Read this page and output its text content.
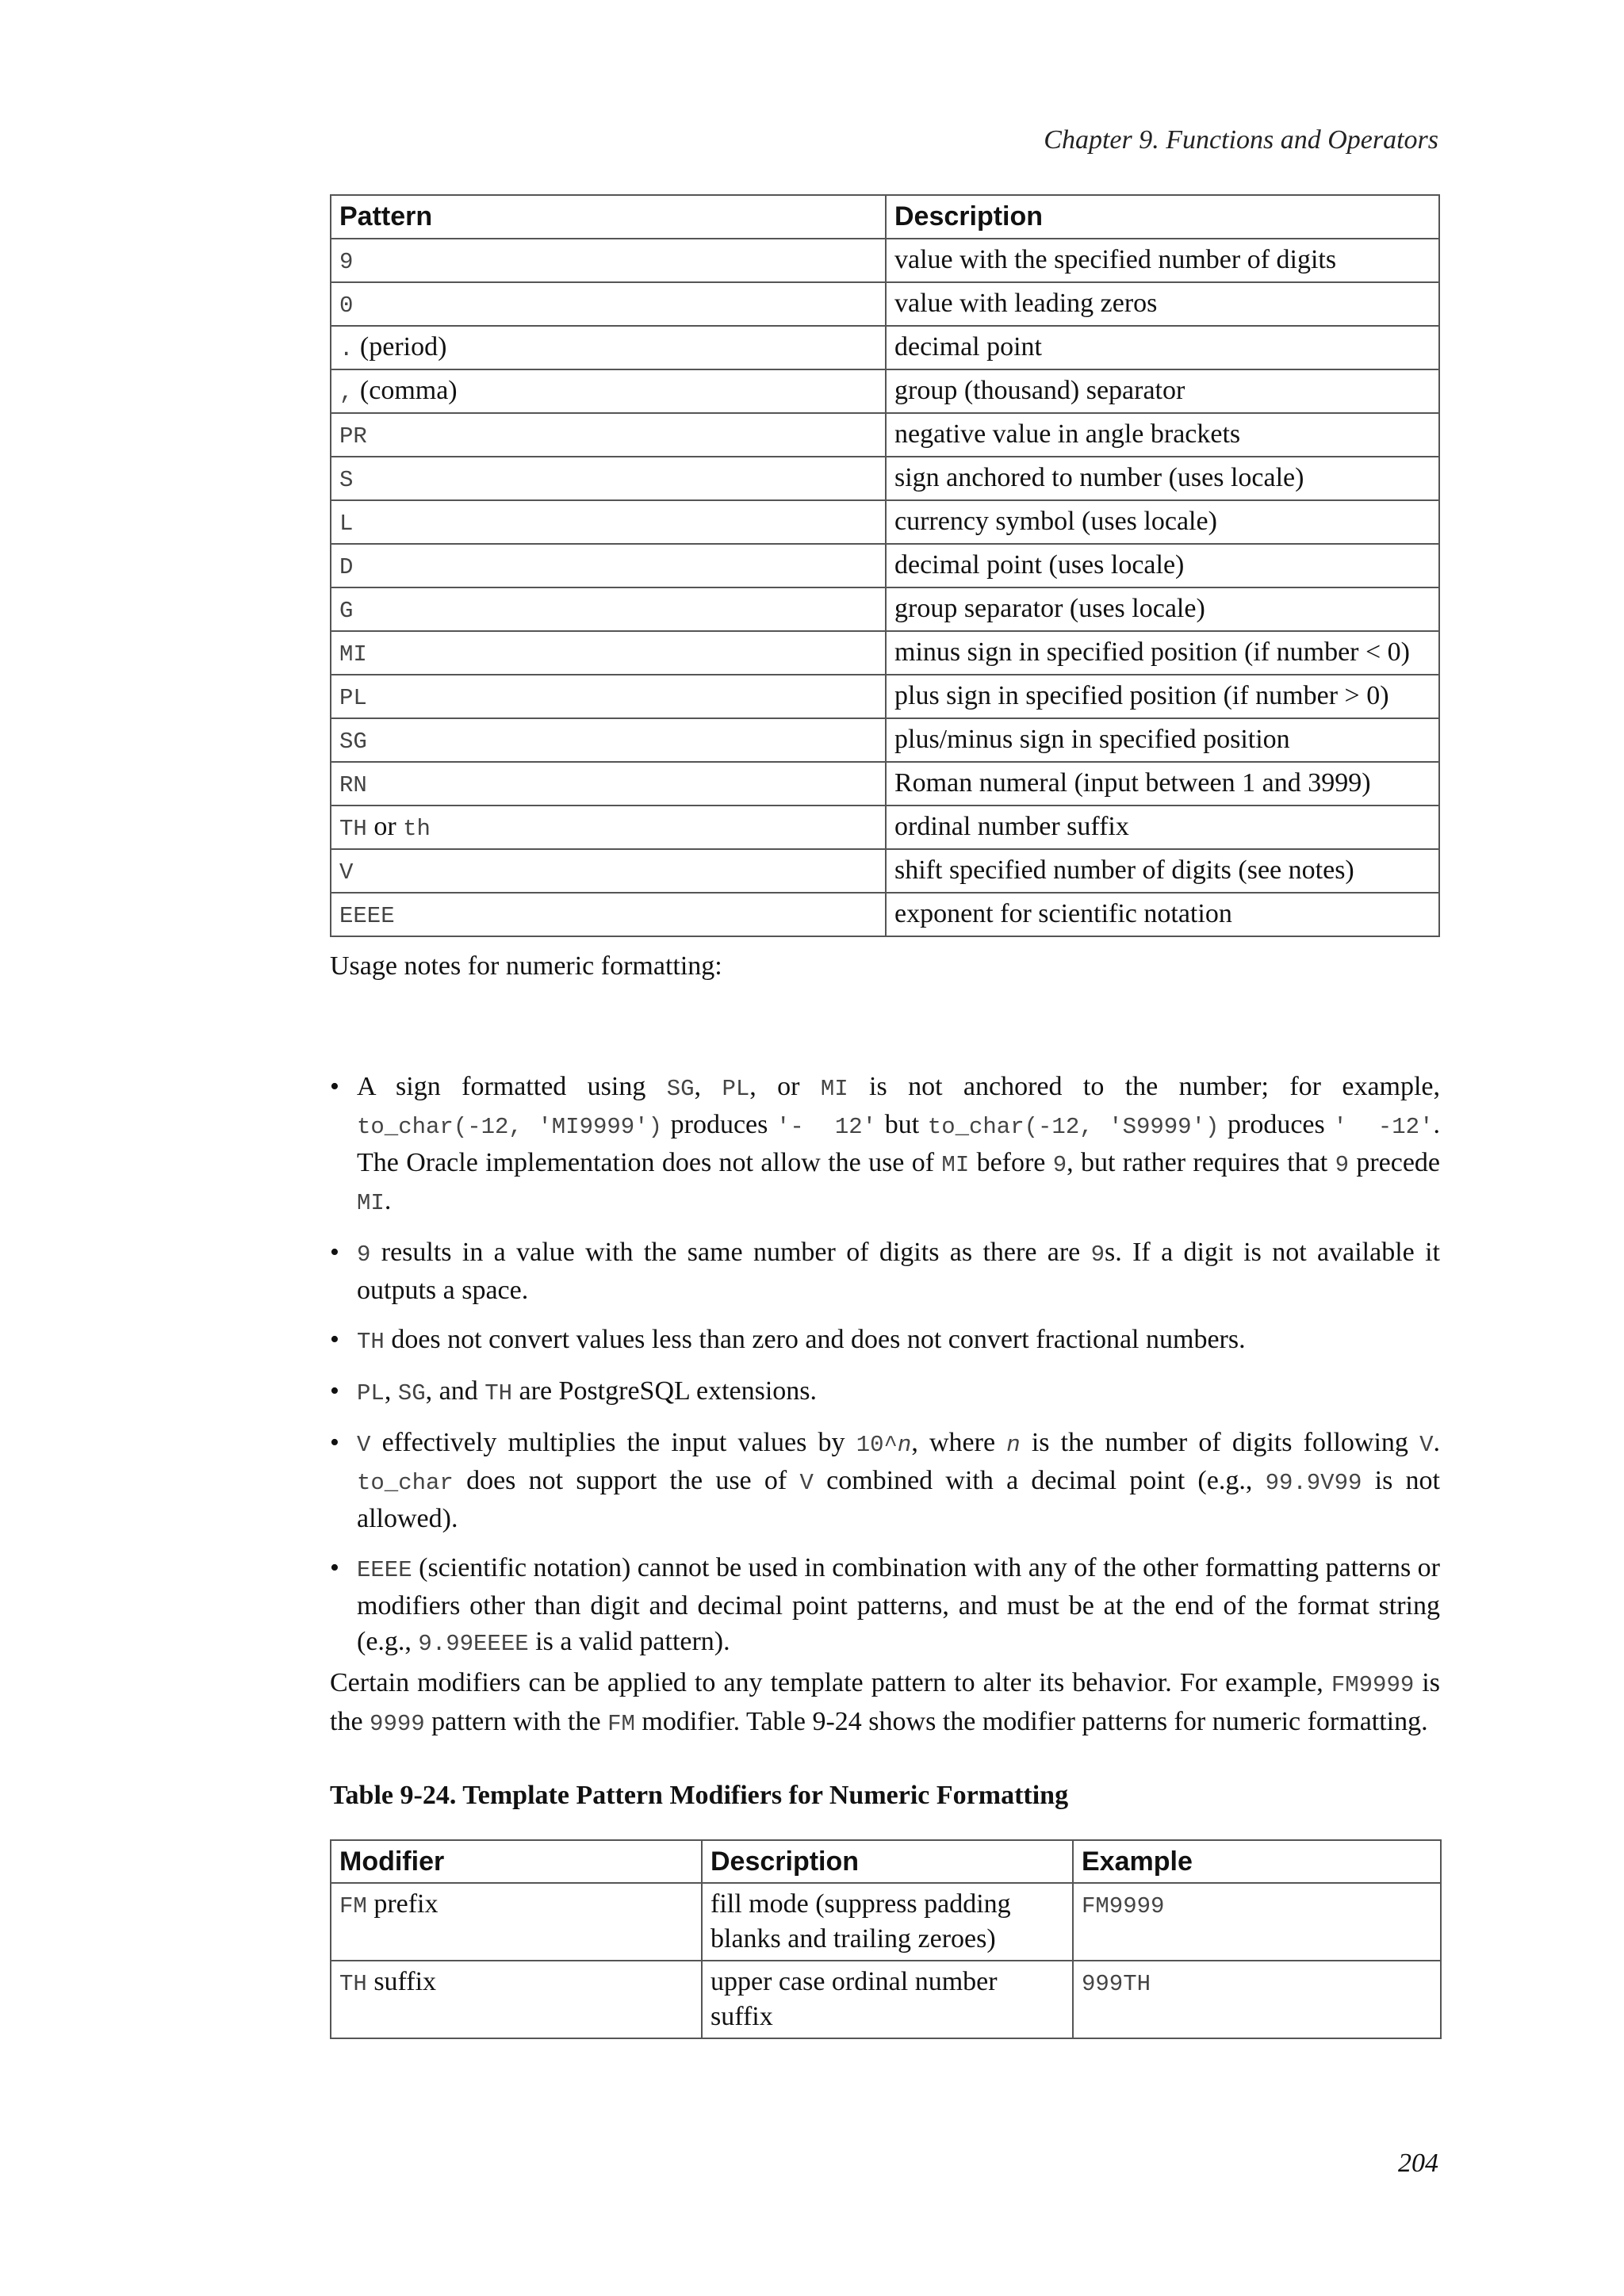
Chapter 9. Functions and Operators
Pattern	Description
9	value with the specified number of digits
0	value with leading zeros
. (period)	decimal point
, (comma)	group (thousand) separator
PR	negative value in angle brackets
S	sign anchored to number (uses locale)
L	currency symbol (uses locale)
D	decimal point (uses locale)
G	group separator (uses locale)
MI	minus sign in specified position (if number < 0)
PL	plus sign in specified position (if number > 0)
SG	plus/minus sign in specified position
RN	Roman numeral (input between 1 and 3999)
TH or th	ordinal number suffix
V	shift specified number of digits (see notes)
EEEE	exponent for scientific notation
Usage notes for numeric formatting:
• A sign formatted using SG, PL, or MI is not anchored to the number; for example, to_char(-12, 'MI9999') produces '-  12' but to_char(-12, 'S9999') produces '  -12'. The Oracle implementation does not allow the use of MI before 9, but rather requires that 9 precede MI.
• 9 results in a value with the same number of digits as there are 9s. If a digit is not available it outputs a space.
• TH does not convert values less than zero and does not convert fractional numbers.
• PL, SG, and TH are PostgreSQL extensions.
• V effectively multiplies the input values by 10^n, where n is the number of digits following V. to_char does not support the use of V combined with a decimal point (e.g., 99.9V99 is not allowed).
• EEEE (scientific notation) cannot be used in combination with any of the other formatting patterns or modifiers other than digit and decimal point patterns, and must be at the end of the format string (e.g., 9.99EEEE is a valid pattern).
Certain modifiers can be applied to any template pattern to alter its behavior. For example, FM9999 is the 9999 pattern with the FM modifier. Table 9-24 shows the modifier patterns for numeric formatting.
Table 9-24. Template Pattern Modifiers for Numeric Formatting
Modifier	Description	Example
FM prefix	fill mode (suppress padding blanks and trailing zeroes)	FM9999
TH suffix	upper case ordinal number suffix	999TH
204
